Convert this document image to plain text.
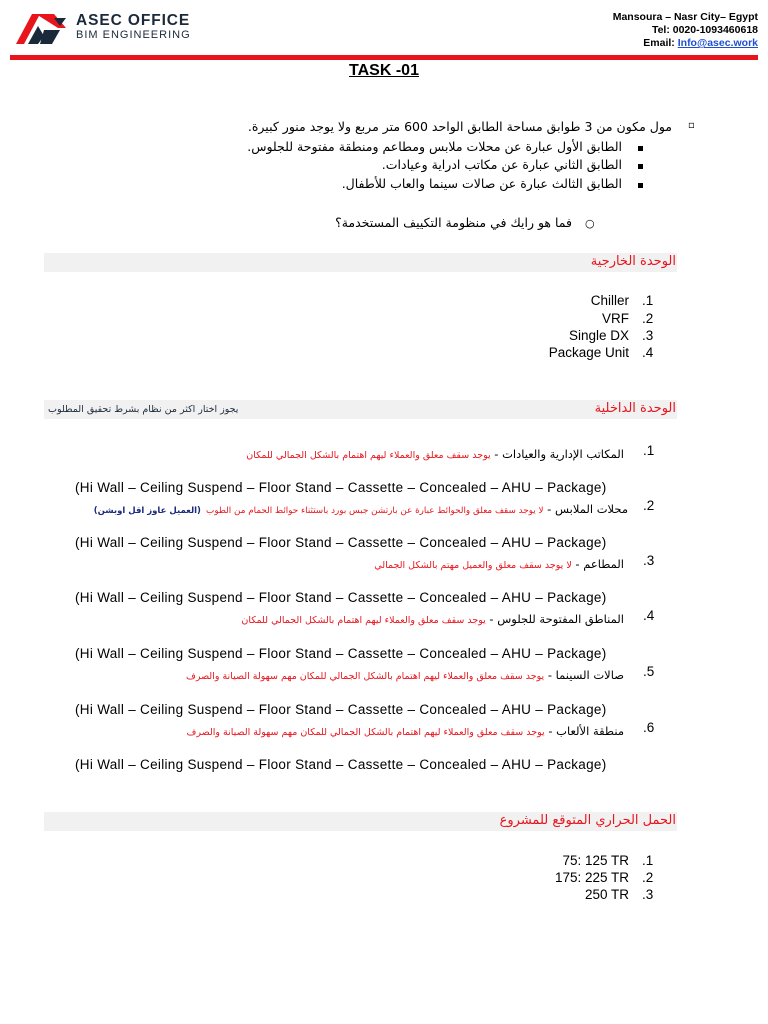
ASEC OFFICE
BIM ENGINEERING
Mansoura – Nasr City– Egypt
Tel: 0020-1093460618
Email: Info@asec.work
TASK -01
▫
مول مكون من 3 طوابق مساحة الطابق الواحد 600 متر مربع ولا يوجد منور كبيرة.
الطابق الأول عبارة عن محلات ملابس ومطاعم ومنطقة مفتوحة للجلوس.
الطابق الثاني عبارة عن مكاتب ادراية وعيادات.
الطابق الثالث عبارة عن صالات سينما والعاب للأطفال.
○
فما هو رايك في منظومة التكييف المستخدمة؟
الوحدة الخارجية
Chiller .1
VRF .2
Single DX .3
Package Unit .4
الوحدة الداخلية
يجوز اختار اكثر من نظام بشرط تحقيق المطلوب
.1
المكاتب الإدارية والعيادات - يوجد سقف معلق والعملاء ليهم اهتمام بالشكل الجمالي للمكان
(Hi Wall – Ceiling Suspend – Floor Stand – Cassette – Concealed – AHU – Package)
.2
محلات الملابس - لا يوجد سقف معلق والحوائط عبارة عن بارتشن جبس بورد باستثناء حوائط الحمام من الطوب (العميل عاوز اقل اوبشن)
(Hi Wall – Ceiling Suspend – Floor Stand – Cassette – Concealed – AHU – Package)
.3
المطاعم - لا يوجد سقف معلق والعميل مهتم بالشكل الجمالي
(Hi Wall – Ceiling Suspend – Floor Stand – Cassette – Concealed – AHU – Package)
.4
المناطق المفتوحة للجلوس - يوجد سقف معلق والعملاء ليهم اهتمام بالشكل الجمالي للمكان
(Hi Wall – Ceiling Suspend – Floor Stand – Cassette – Concealed – AHU – Package)
.5
صالات السينما - يوجد سقف معلق والعملاء ليهم اهتمام بالشكل الجمالي للمكان مهم سهولة الصيانة والصرف
(Hi Wall – Ceiling Suspend – Floor Stand – Cassette – Concealed – AHU – Package)
.6
منطقة الألعاب - يوجد سقف معلق والعملاء ليهم اهتمام بالشكل الجمالي للمكان مهم سهولة الصيانة والصرف
(Hi Wall – Ceiling Suspend – Floor Stand – Cassette – Concealed – AHU – Package)
الحمل الحراري المتوقع للمشروع
75: 125 TR .1
175: 225 TR .2
250 TR .3
